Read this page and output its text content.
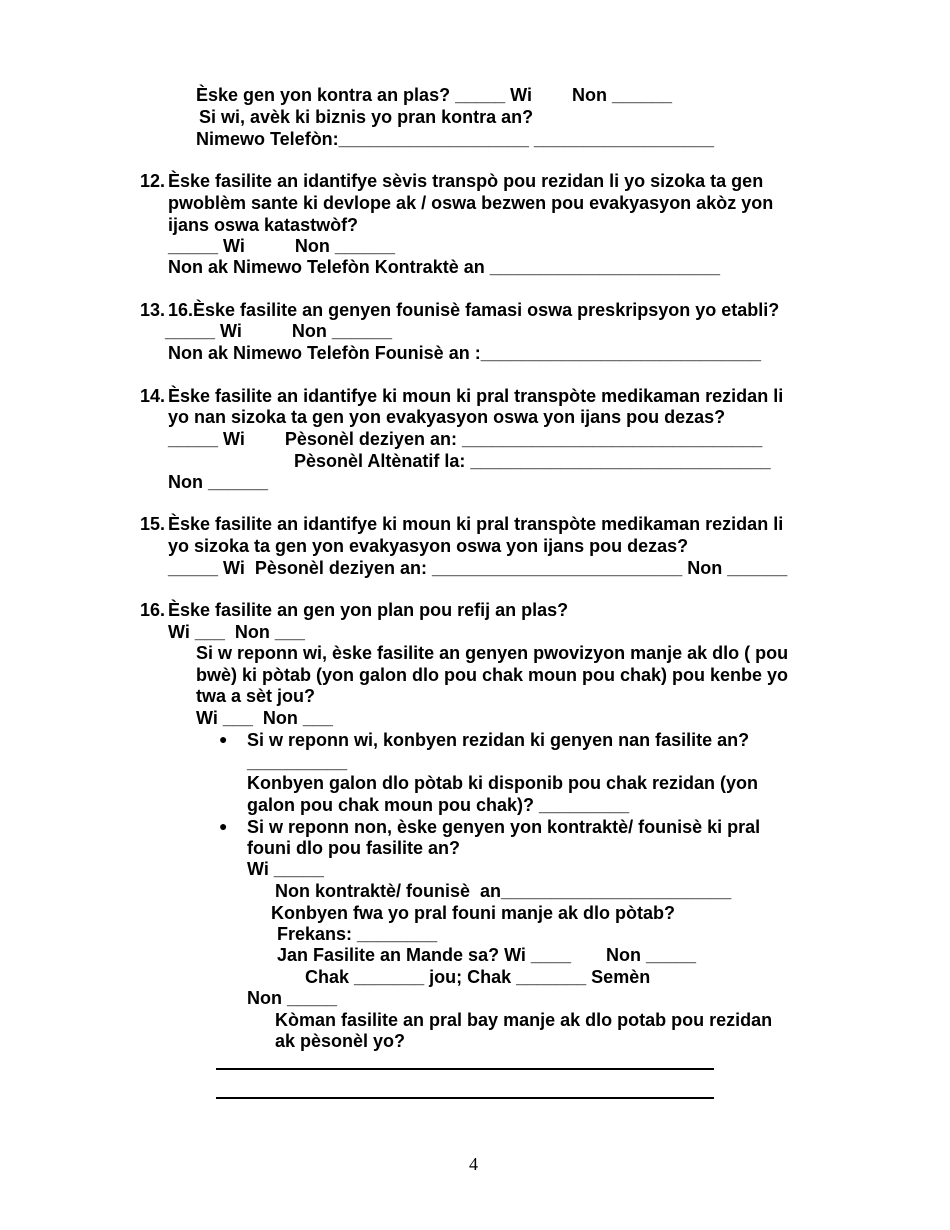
Èske gen yon kontra an plas? _____ Wi        Non ______
Si wi, avèk ki biznis yo pran kontra an?
Nimewo Telefòn:___________________ __________________
12. Èske fasilite an idantifye sèvis transpò pou rezidan li yo sizoka ta gen
pwoblèm sante ki devlope ak / oswa bezwen pou evakyasyon akòz yon
ijans oswa katastwòf?
_____ Wi          Non ______
Non ak Nimewo Telefòn Kontraktè an _______________________
13. 16.Èske fasilite an genyen founisè famasi oswa preskripsyon yo etabli?
_____ Wi          Non ______
Non ak Nimewo Telefòn Founisè an :____________________________
14. Èske fasilite an idantifye ki moun ki pral transpòte medikaman rezidan li
yo nan sizoka ta gen yon evakyasyon oswa yon ijans pou dezas?
_____ Wi        Pèsonèl deziyen an: ______________________________
Pèsonèl Altènatif la: ______________________________
Non ______
15. Èske fasilite an idantifye ki moun ki pral transpòte medikaman rezidan li
yo sizoka ta gen yon evakyasyon oswa yon ijans pou dezas?
_____ Wi  Pèsonèl deziyen an: _________________________ Non ______
16. Èske fasilite an gen yon plan pou refij an plas?
Wi ___  Non ___
Si w reponn wi, èske fasilite an genyen pwovizyon manje ak dlo ( pou
bwè) ki pòtab (yon galon dlo pou chak moun pou chak) pou kenbe yo
twa a sèt jou?
Wi ___  Non ___
● Si w reponn wi, konbyen rezidan ki genyen nan fasilite an?
__________
Konbyen galon dlo pòtab ki disponib pou chak rezidan (yon
galon pou chak moun pou chak)? _________
● Si w reponn non, èske genyen yon kontraktè/ founisè ki pral
founi dlo pou fasilite an?
Wi _____
Non kontraktè/ founisè  an_______________________
Konbyen fwa yo pral founi manje ak dlo pòtab?
Frekans: ________
Jan Fasilite an Mande sa? Wi ____       Non _____
Chak _______ jou; Chak _______ Semèn
Non _____
Kòman fasilite an pral bay manje ak dlo potab pou rezidan
ak pèsonèl yo?
4
